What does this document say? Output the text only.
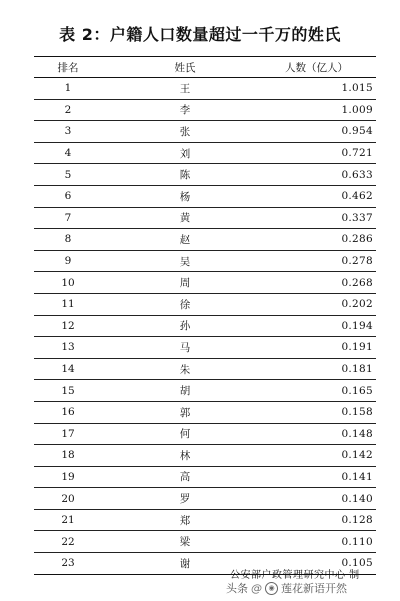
表 2：户籍人口数量超过一千万的姓氏
排名	姓氏	人数（亿人）
1	王	1.015
2	李	1.009
3	张	0.954
4	刘	0.721
5	陈	0.633
6	杨	0.462
7	黄	0.337
8	赵	0.286
9	吴	0.278
10	周	0.268
11	徐	0.202
12	孙	0.194
13	马	0.191
14	朱	0.181
15	胡	0.165
16	郭	0.158
17	何	0.148
18	林	0.142
19	高	0.141
20	罗	0.140
21	郑	0.128
22	梁	0.110
23	谢	0.105
公安部户政管理研究中心 制
头条 @ ◉ 莲花新语开然
